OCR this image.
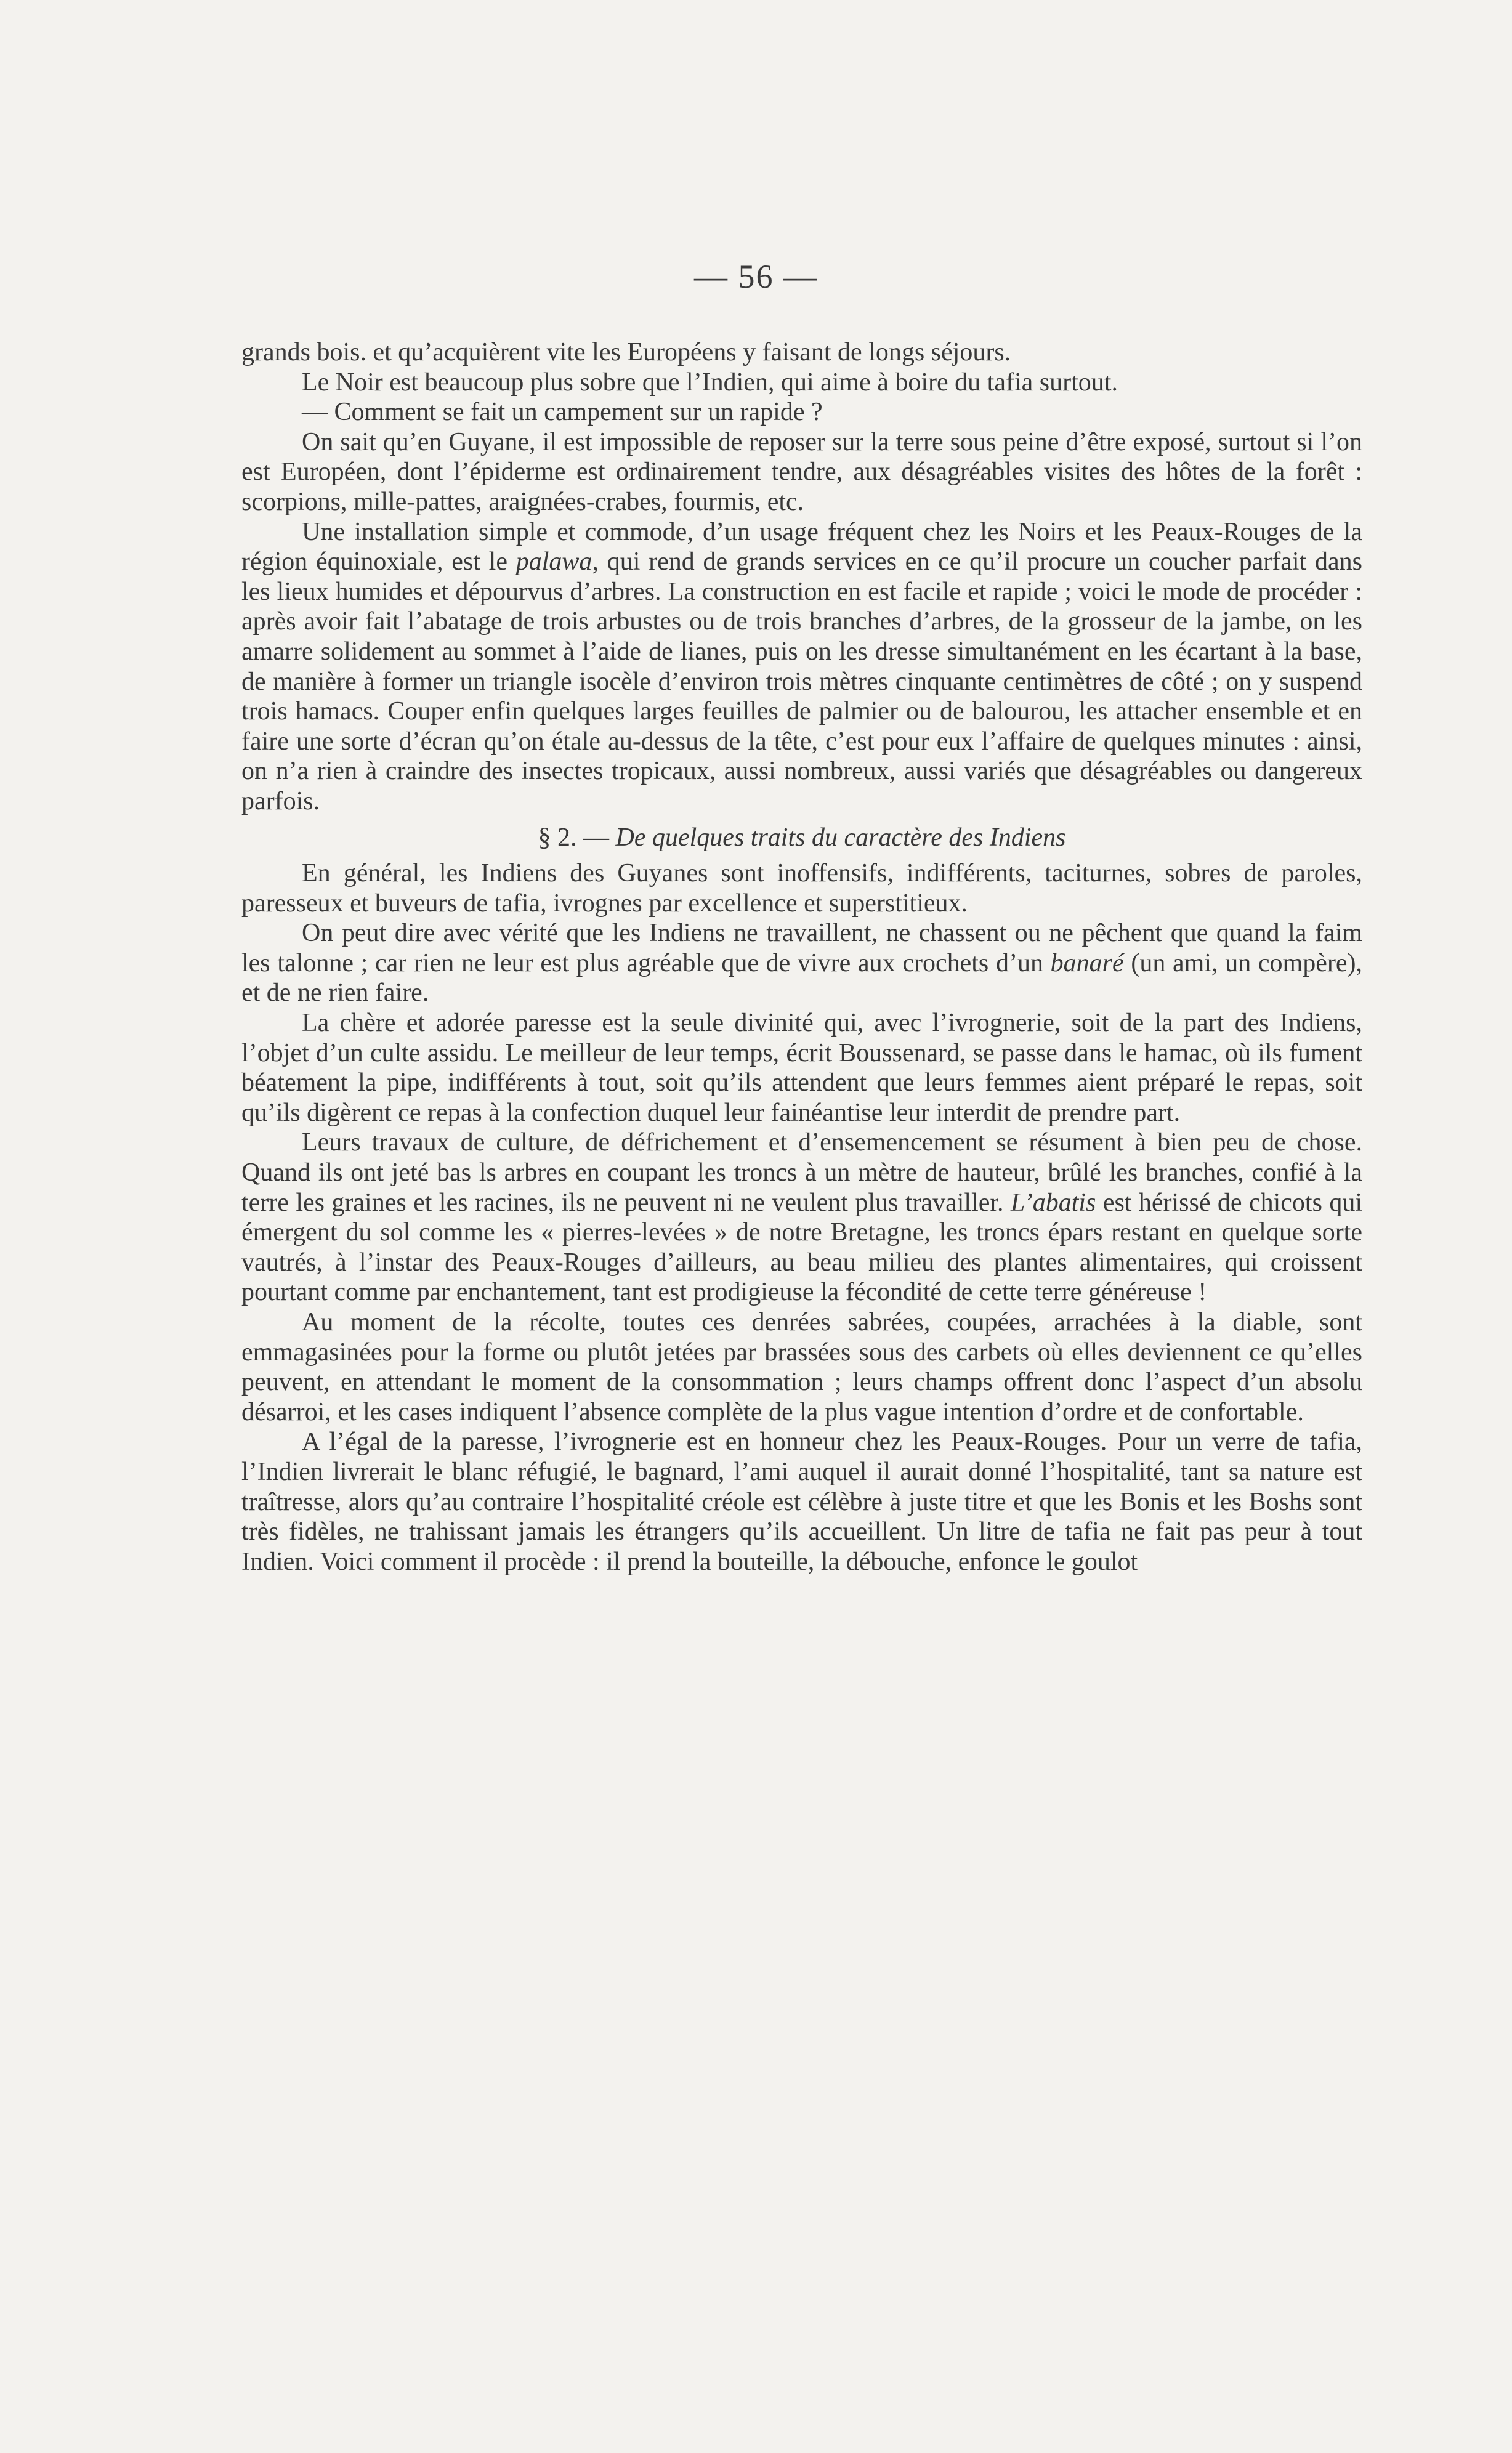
— 56 —

grands bois. et qu’acquièrent vite les Européens y faisant de longs séjours.

Le Noir est beaucoup plus sobre que l’Indien, qui aime à boire du tafia surtout.

— Comment se fait un campement sur un rapide ?

On sait qu’en Guyane, il est impossible de reposer sur la terre sous peine d’être exposé, surtout si l’on est Européen, dont l’épiderme est ordinairement tendre, aux désagréables visites des hôtes de la forêt : scorpions, mille-pattes, araignées-crabes, fourmis, etc.

Une installation simple et commode, d’un usage fréquent chez les Noirs et les Peaux-Rouges de la région équinoxiale, est le palawa, qui rend de grands services en ce qu’il procure un coucher parfait dans les lieux humides et dépourvus d’arbres. La construction en est facile et rapide ; voici le mode de procéder : après avoir fait l’abatage de trois arbustes ou de trois branches d’arbres, de la grosseur de la jambe, on les amarre solidement au sommet à l’aide de lianes, puis on les dresse simultanément en les écartant à la base, de manière à former un triangle isocèle d’environ trois mètres cinquante centimètres de côté ; on y suspend trois hamacs. Couper enfin quelques larges feuilles de palmier ou de balourou, les attacher ensemble et en faire une sorte d’écran qu’on étale au-dessus de la tête, c’est pour eux l’affaire de quelques minutes : ainsi, on n’a rien à craindre des insectes tropicaux, aussi nombreux, aussi variés que désagréables ou dangereux parfois.

§ 2. — De quelques traits du caractère des Indiens

En général, les Indiens des Guyanes sont inoffensifs, indifférents, taciturnes, sobres de paroles, paresseux et buveurs de tafia, ivrognes par excellence et superstitieux.

On peut dire avec vérité que les Indiens ne travaillent, ne chassent ou ne pêchent que quand la faim les talonne ; car rien ne leur est plus agréable que de vivre aux crochets d’un banaré (un ami, un compère), et de ne rien faire.

La chère et adorée paresse est la seule divinité qui, avec l’ivrognerie, soit de la part des Indiens, l’objet d’un culte assidu. Le meilleur de leur temps, écrit Boussenard, se passe dans le hamac, où ils fument béatement la pipe, indifférents à tout, soit qu’ils attendent que leurs femmes aient préparé le repas, soit qu’ils digèrent ce repas à la confection duquel leur fainéantise leur interdit de prendre part.

Leurs travaux de culture, de défrichement et d’ensemencement se résument à bien peu de chose. Quand ils ont jeté bas ls arbres en coupant les troncs à un mètre de hauteur, brûlé les branches, confié à la terre les graines et les racines, ils ne peuvent ni ne veulent plus travailler. L’abatis est hérissé de chicots qui émergent du sol comme les « pierres-levées » de notre Bretagne, les troncs épars restant en quelque sorte vautrés, à l’instar des Peaux-Rouges d’ailleurs, au beau milieu des plantes alimentaires, qui croissent pourtant comme par enchantement, tant est prodigieuse la fécondité de cette terre généreuse !

Au moment de la récolte, toutes ces denrées sabrées, coupées, arrachées à la diable, sont emmagasinées pour la forme ou plutôt jetées par brassées sous des carbets où elles deviennent ce qu’elles peuvent, en attendant le moment de la consommation ; leurs champs offrent donc l’aspect d’un absolu désarroi, et les cases indiquent l’absence complète de la plus vague intention d’ordre et de confortable.

A l’égal de la paresse, l’ivrognerie est en honneur chez les Peaux-Rouges. Pour un verre de tafia, l’Indien livrerait le blanc réfugié, le bagnard, l’ami auquel il aurait donné l’hospitalité, tant sa nature est traîtresse, alors qu’au contraire l’hospitalité créole est célèbre à juste titre et que les Bonis et les Boshs sont très fidèles, ne trahissant jamais les étrangers qu’ils accueillent. Un litre de tafia ne fait pas peur à tout Indien. Voici comment il procède : il prend la bouteille, la débouche, enfonce le goulot
